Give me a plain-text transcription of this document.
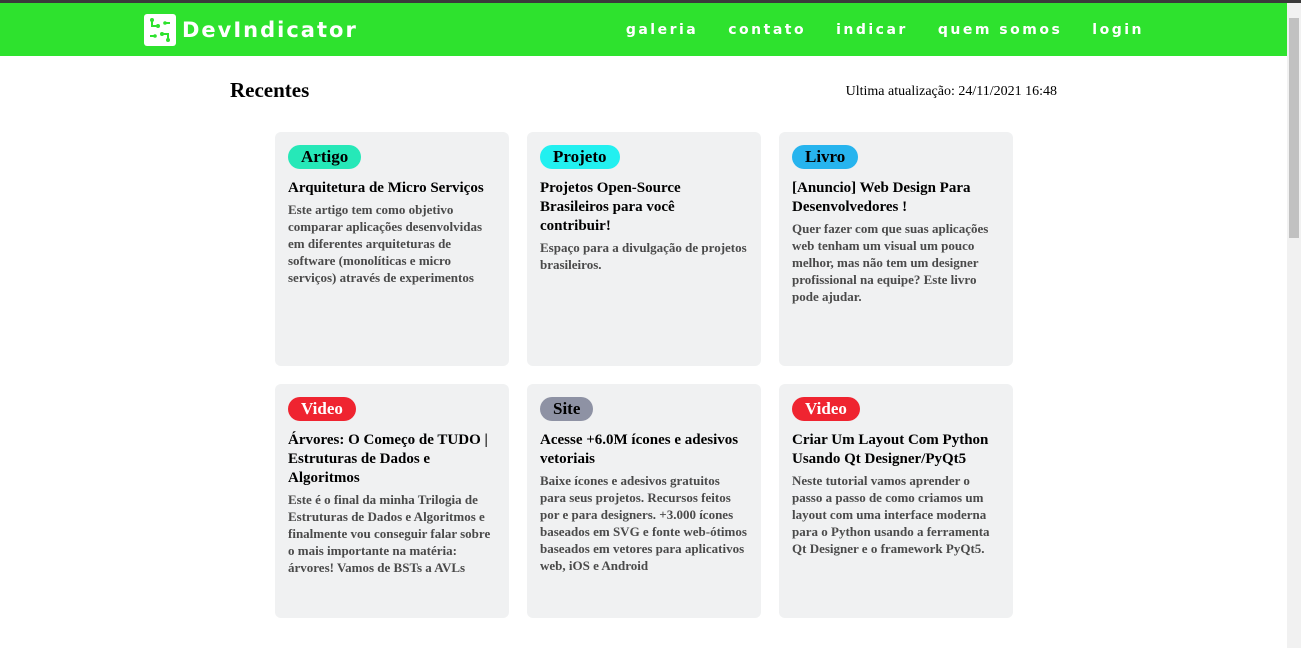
DevIndicator	galeria contato indicar quem somos login
Recentes	Ultima atualização: 24/11/2021 16:48
Artigo
Arquitetura de Micro Serviços

Este artigo tem como objetivo comparar aplicações desenvolvidas em diferentes arquiteturas de software (monolíticas e micro serviços) através de experimentos

Projeto
Projetos Open-Source Brasileiros para você contribuir!

Espaço para a divulgação de projetos brasileiros.

Livro
[Anuncio] Web Design Para Desenvolvedores !

Quer fazer com que suas aplicações web tenham um visual um pouco melhor, mas não tem um designer profissional na equipe? Este livro pode ajudar.

Video
Árvores: O Começo de TUDO | Estruturas de Dados e Algoritmos

Este é o final da minha Trilogia de Estruturas de Dados e Algoritmos e finalmente vou conseguir falar sobre o mais importante na matéria: árvores! Vamos de BSTs a AVLs

Site
Acesse +6.0M ícones e adesivos vetoriais

Baixe ícones e adesivos gratuitos para seus projetos. Recursos feitos por e para designers. +3.000 ícones baseados em SVG e fonte web-ótimos baseados em vetores para aplicativos web, iOS e Android

Video
Criar Um Layout Com Python Usando Qt Designer/PyQt5

Neste tutorial vamos aprender o passo a passo de como criamos um layout com uma interface moderna para o Python usando a ferramenta Qt Designer e o framework PyQt5.
